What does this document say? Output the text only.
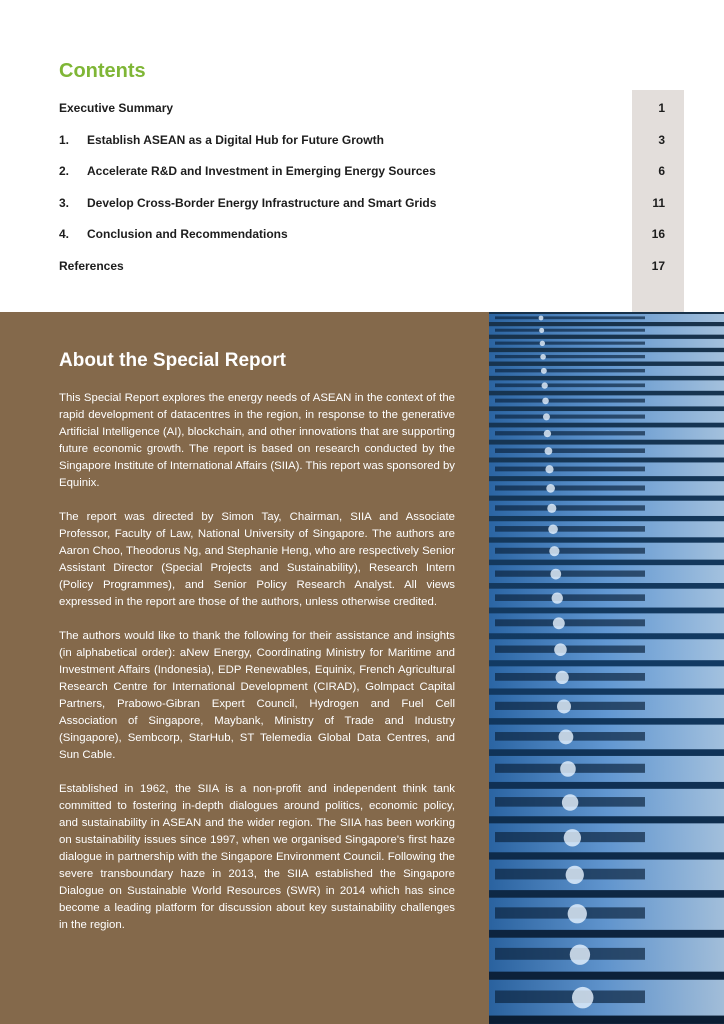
Contents
Executive Summary	1
1. Establish ASEAN as a Digital Hub for Future Growth	3
2. Accelerate R&D and Investment in Emerging Energy Sources	6
3. Develop Cross-Border Energy Infrastructure and Smart Grids	11
4. Conclusion and Recommendations	16
References	17
About the Special Report

This Special Report explores the energy needs of ASEAN in the context of the rapid development of datacentres in the region, in response to the generative Artificial Intelligence (AI), blockchain, and other innovations that are supporting future economic growth. The report is based on research conducted by the Singapore Institute of International Affairs (SIIA). This report was sponsored by Equinix.

The report was directed by Simon Tay, Chairman, SIIA and Associate Professor, Faculty of Law, National University of Singapore. The authors are Aaron Choo, Theodorus Ng, and Stephanie Heng, who are respectively Senior Assistant Director (Special Projects and Sustainability), Research Intern (Policy Programmes), and Senior Policy Research Analyst. All views expressed in the report are those of the authors, unless otherwise credited.

The authors would like to thank the following for their assistance and insights (in alphabetical order): aNew Energy, Coordinating Ministry for Maritime and Investment Affairs (Indonesia), EDP Renewables, Equinix, French Agricultural Research Centre for International Development (CIRAD), Golmpact Capital Partners, Prabowo-Gibran Expert Council, Hydrogen and Fuel Cell Association of Singapore, Maybank, Ministry of Trade and Industry (Singapore), Sembcorp, StarHub, ST Telemedia Global Data Centres, and Sun Cable.

Established in 1962, the SIIA is a non-profit and independent think tank committed to fostering in-depth dialogues around politics, economic policy, and sustainability in ASEAN and the wider region. The SIIA has been working on sustainability issues since 1997, when we organised Singapore's first haze dialogue in partnership with the Singapore Environment Council. Following the severe transboundary haze in 2013, the SIIA established the Singapore Dialogue on Sustainable World Resources (SWR) in 2014 which has since become a leading platform for discussion about key sustainability challenges in the region.
